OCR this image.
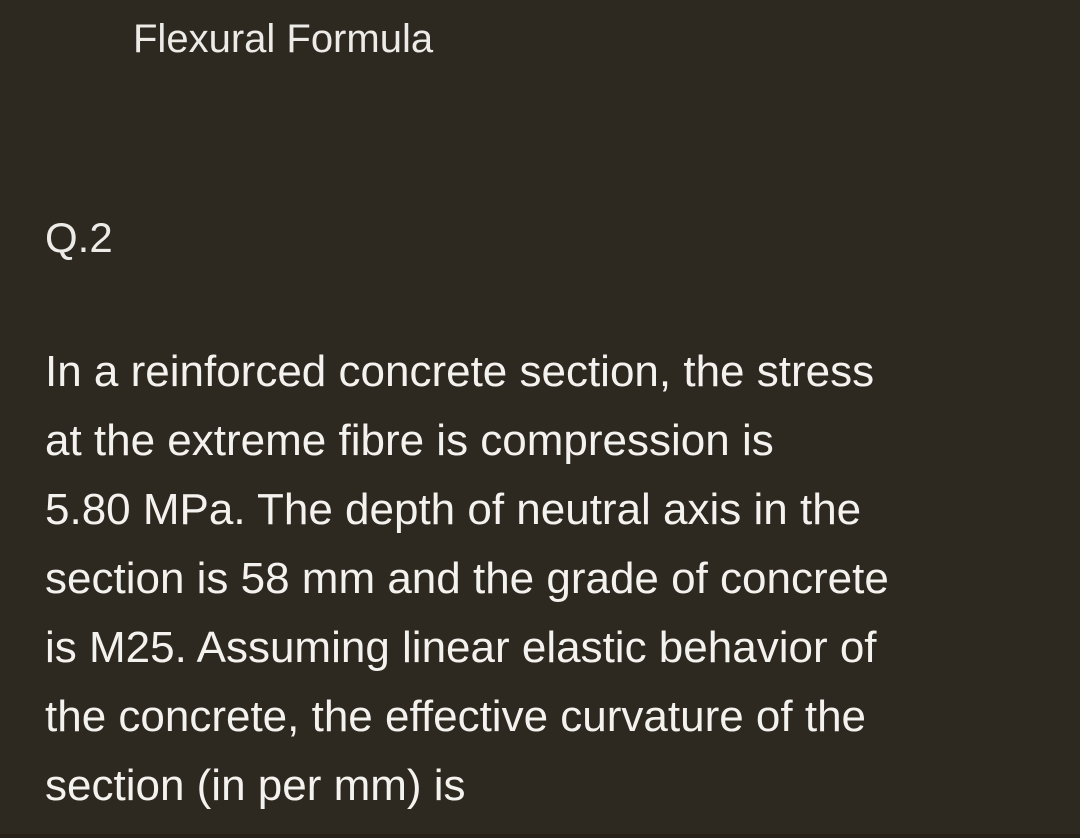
Flexural Formula
Q.2
In a reinforced concrete section, the stress
at the extreme fibre is compression is
5.80 MPa. The depth of neutral axis in the
section is 58 mm and the grade of concrete
is M25. Assuming linear elastic behavior of
the concrete, the effective curvature of the
section (in per mm) is
